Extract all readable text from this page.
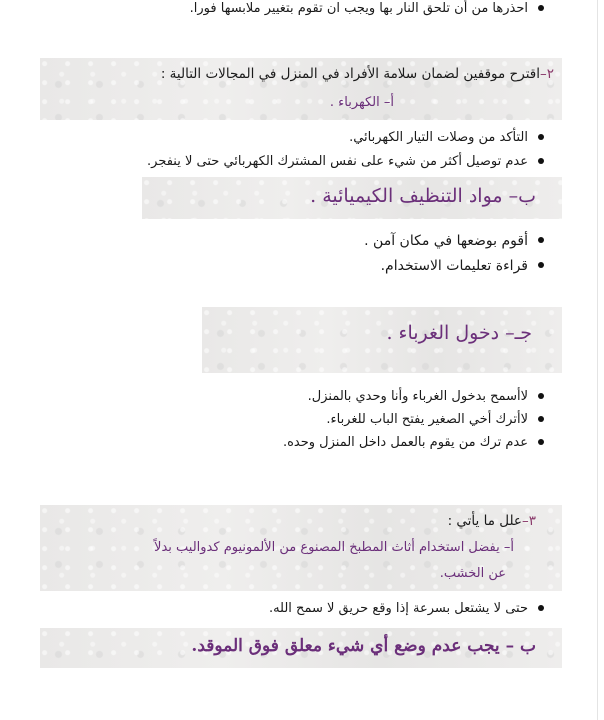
احذرها من أن تلحق النار بها ويجب ان تقوم بتغيير ملابسها فورا.
٢–اقترح موقفين لضمان سلامة الأفراد في المنزل في المجالات التالية :
أ– الكهرباء .
التأكد من وصلات التيار الكهربائي.
عدم توصيل أكثر من شيء على نفس المشترك الكهربائي حتى لا ينفجر.
ب– مواد التنظيف الكيميائية .
أقوم بوضعها في مكان آمن .
قراءة تعليمات الاستخدام.
جـ– دخول الغرباء .
لاأسمح بدخول الغرباء وأنا وحدي بالمنزل.
لاأترك أخي الصغير يفتح الباب للغرباء.
عدم ترك من يقوم بالعمل داخل المنزل وحده.
٣–علل ما يأتي :
أ– يفضل استخدام أثاث المطبخ المصنوع من الألمونيوم كدواليب بدلاً
عن الخشب.
حتى لا يشتعل بسرعة إذا وقع حريق لا سمح الله.
ب – يجب عدم وضع أي شيء معلق فوق الموقد.
